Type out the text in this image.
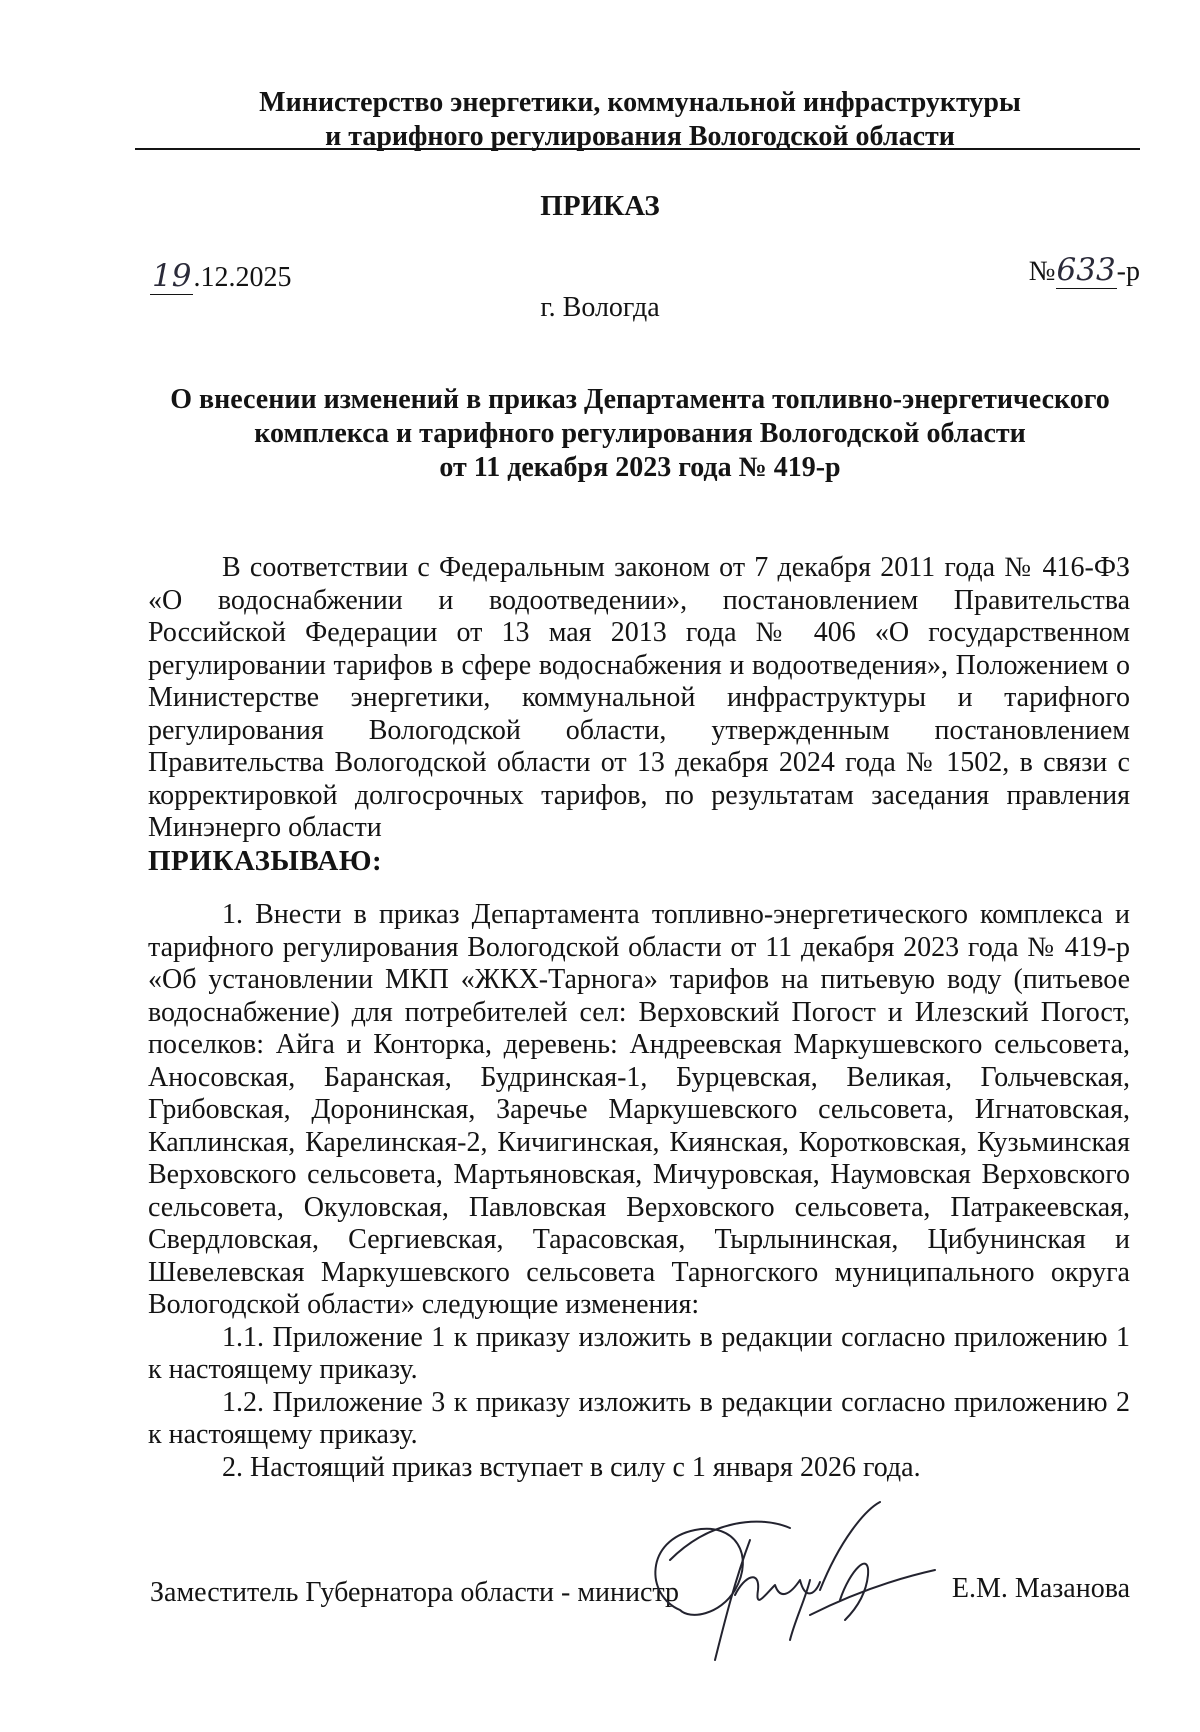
Министерство энергетики, коммунальной инфраструктуры
и тарифного регулирования Вологодской области
ПРИКАЗ
19.12.2025	№633-р
г. Вологда
О внесении изменений в приказ Департамента топливно-энергетического
комплекса и тарифного регулирования Вологодской области
от 11 декабря 2023 года № 419-р

В соответствии с Федеральным законом от 7 декабря 2011 года № 416-ФЗ «О водоснабжении и водоотведении», постановлением Правительства Российской Федерации от 13 мая 2013 года № 406 «О государственном регулировании тарифов в сфере водоснабжения и водоотведения», Положением о Министерстве энергетики, коммунальной инфраструктуры и тарифного регулирования Вологодской области, утвержденным постановлением Правительства Вологодской области от 13 декабря 2024 года № 1502, в связи с корректировкой долгосрочных тарифов, по результатам заседания правления Минэнерго области

ПРИКАЗЫВАЮ:

1. Внести в приказ Департамента топливно-энергетического комплекса и тарифного регулирования Вологодской области от 11 декабря 2023 года № 419-р «Об установлении МКП «ЖКХ-Тарнога» тарифов на питьевую воду (питьевое водоснабжение) для потребителей сел: Верховский Погост и Илезский Погост, поселков: Айга и Конторка, деревень: Андреевская Маркушевского сельсовета, Аносовская, Баранская, Будринская-1, Бурцевская, Великая, Гольчевская, Грибовская, Доронинская, Заречье Маркушевского сельсовета, Игнатовская, Каплинская, Карелинская-2, Кичигинская, Киянская, Коротковская, Кузьминская Верховского сельсовета, Мартьяновская, Мичуровская, Наумовская Верховского сельсовета, Окуловская, Павловская Верховского сельсовета, Патракеевская, Свердловская, Сергиевская, Тарасовская, Тырлынинская, Цибунинская и Шевелевская Маркушевского сельсовета Тарногского муниципального округа Вологодской области» следующие изменения:

1.1. Приложение 1 к приказу изложить в редакции согласно приложению 1 к настоящему приказу.

1.2. Приложение 3 к приказу изложить в редакции согласно приложению 2 к настоящему приказу.

2. Настоящий приказ вступает в силу с 1 января 2026 года.

Заместитель Губернатора области - министр	Е.М. Мазанова
